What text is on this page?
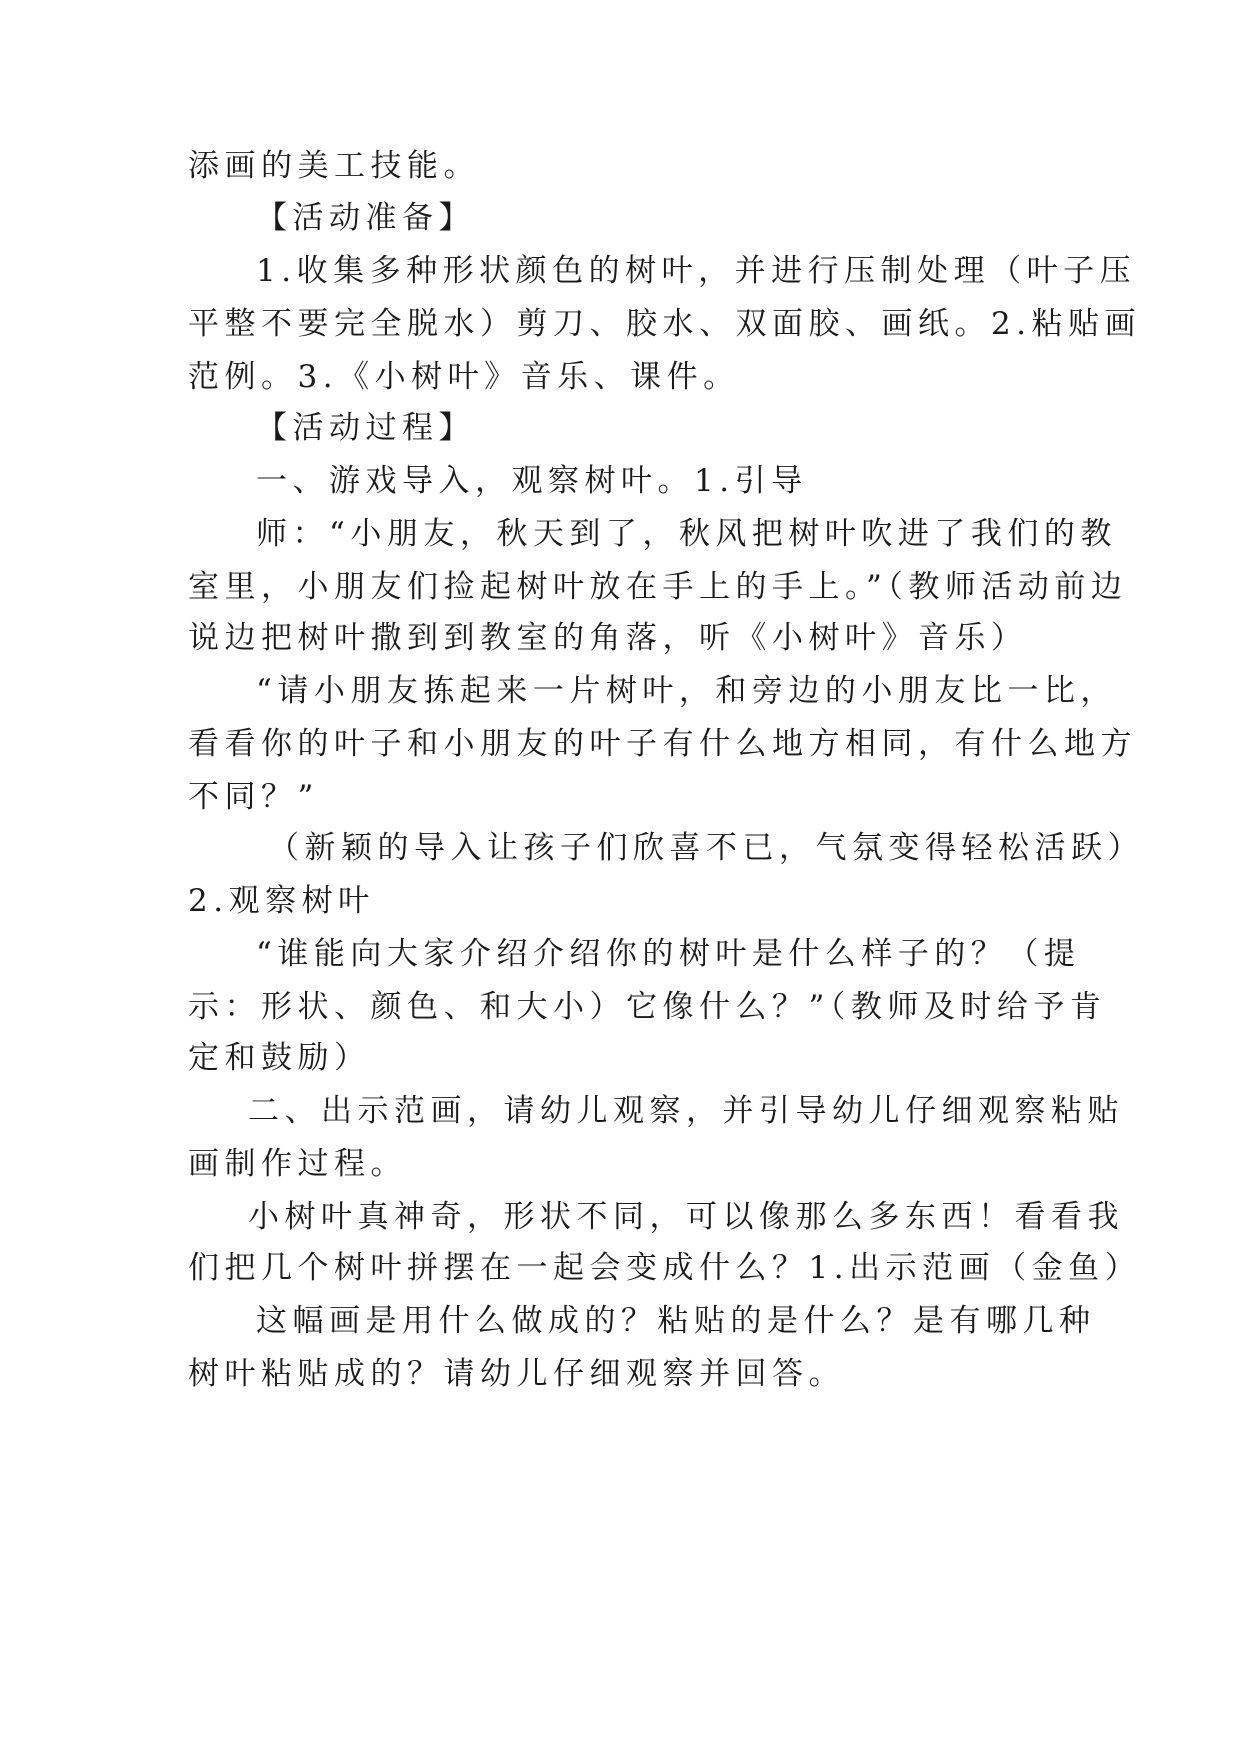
添画的美工技能。
【活动准备】
1.收集多种形状颜色的树叶，并进行压制处理（叶子压
平整不要完全脱水）剪刀、胶水、双面胶、画纸。2.粘贴画
范例。3.《小树叶》音乐、课件。
【活动过程】
一、游戏导入，观察树叶。1.引导
师：“小朋友，秋天到了，秋风把树叶吹进了我们的教
室里，小朋友们捡起树叶放在手上的手上。”（教师活动前边
说边把树叶撒到到教室的角落，听《小树叶》音乐）
“请小朋友拣起来一片树叶，和旁边的小朋友比一比，
看看你的叶子和小朋友的叶子有什么地方相同，有什么地方
不同？”
（新颖的导入让孩子们欣喜不已，气氛变得轻松活跃）
2.观察树叶
“谁能向大家介绍介绍你的树叶是什么样子的？（提
示：形状、颜色、和大小）它像什么？”（教师及时给予肯
定和鼓励）
二、出示范画，请幼儿观察，并引导幼儿仔细观察粘贴
画制作过程。
小树叶真神奇，形状不同，可以像那么多东西！看看我
们把几个树叶拼摆在一起会变成什么？1.出示范画（金鱼）
这幅画是用什么做成的？粘贴的是什么？是有哪几种
树叶粘贴成的？请幼儿仔细观察并回答。
